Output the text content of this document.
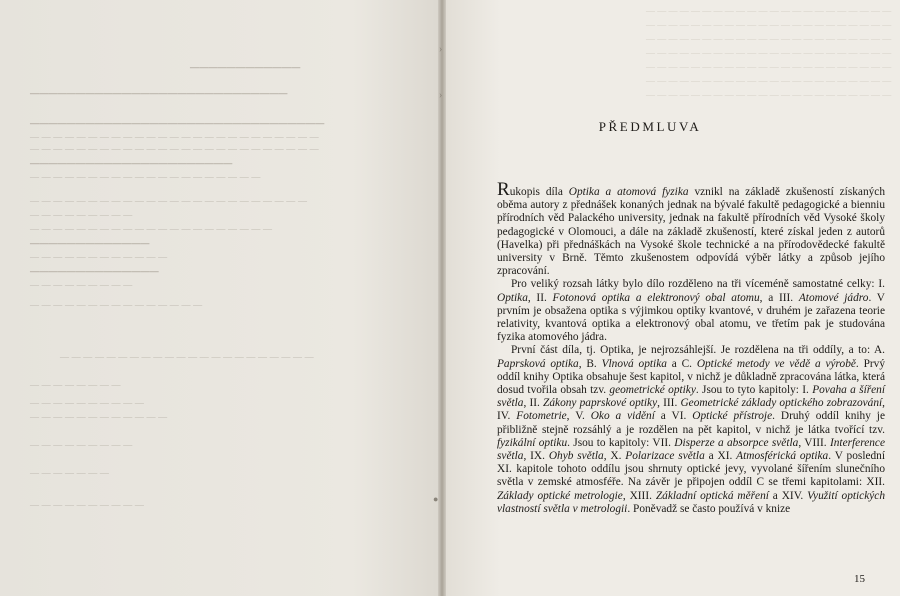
————————————
————————————————————————————
————————————————————————————————
— — — — — — — — — — — — — — — — — — — — — — — — —
— — — — — — — — — — — — — — — — — — — — — — — — —
——————————————————————
— — — — — — — — — — — — — — — — — — — —
— — — — — — — — — — — — — — — — — — — — — — — —
— — — — — — — — —
— — — — — — — — — — — — — — — — — — — — —
—————————————
— — — — — — — — — — — —
——————————————
— — — — — — — — —
— — — — — — — — — — — — — — —
— — — — — — — — — — — — — — — — — — — — — —
— — — — — — — —
— — — — — — — — — —
— — — — — — — — — — — —
— — — — — — — — —
— — — — — — —
— — — — — — — — — —
›
›
●
— — — — — — — — — — — — — — — — — — — — — —
— — — — — — — — — — — — — — — — — — — — — —
— — — — — — — — — — — — — — — — — — — — — —
— — — — — — — — — — — — — — — — — — — — — —
— — — — — — — — — — — — — — — — — — — — — —
— — — — — — — — — — — — — — — — — — — — — —
— — — — — — — — — — — — — — — — — — — — — —
PŘEDMLUVA

Rukopis díla Optika a atomová fyzika vznikl na základě zkušeností získaných oběma autory z přednášek konaných jednak na bývalé fakultě pedagogické a bienniu přírodních věd Palackého university, jednak na fakultě přírodních věd Vysoké školy pedagogické v Olomouci, a dále na základě zkušeností, které získal jeden z autorů (Havelka) při přednáškách na Vysoké škole technické a na přírodovědecké fakultě university v Brně. Těmto zkušenostem odpovídá výběr látky a způsob jejího zpracování.

Pro veliký rozsah látky bylo dílo rozděleno na tři víceméně samostatné celky: I. Optika, II. Fotonová optika a elektronový obal atomu, a III. Atomové jádro. V prvním je obsažena optika s výjimkou optiky kvantové, v druhém je zařazena teorie relativity, kvantová optika a elektronový obal atomu, ve třetím pak je studována fyzika atomového jádra.

První část díla, tj. Optika, je nejrozsáhlejší. Je rozdělena na tři oddíly, a to: A. Paprsková optika, B. Vlnová optika a C. Optické metody ve vědě a výrobě. Prvý oddíl knihy Optika obsahuje šest kapitol, v nichž je důkladně zpracována látka, která dosud tvořila obsah tzv. geometrické optiky. Jsou to tyto kapitoly: I. Povaha a šíření světla, II. Zákony paprskové optiky, III. Geometrické základy optického zobrazování, IV. Fotometrie, V. Oko a vidění a VI. Optické přístroje. Druhý oddíl knihy je přibližně stejně rozsáhlý a je rozdělen na pět kapitol, v nichž je látka tvořící tzv. fyzikální optiku. Jsou to kapitoly: VII. Disperze a absorpce světla, VIII. Interference světla, IX. Ohyb světla, X. Polarizace světla a XI. Atmosférická optika. V poslední XI. kapitole tohoto oddílu jsou shrnuty optické jevy, vyvolané šířením slunečního světla v zemské atmosféře. Na závěr je připojen oddíl C se třemi kapitolami: XII. Základy optické metrologie, XIII. Základní optická měření a XIV. Využití optických vlastností světla v metrologii. Poněvadž se často používá v knize

15
